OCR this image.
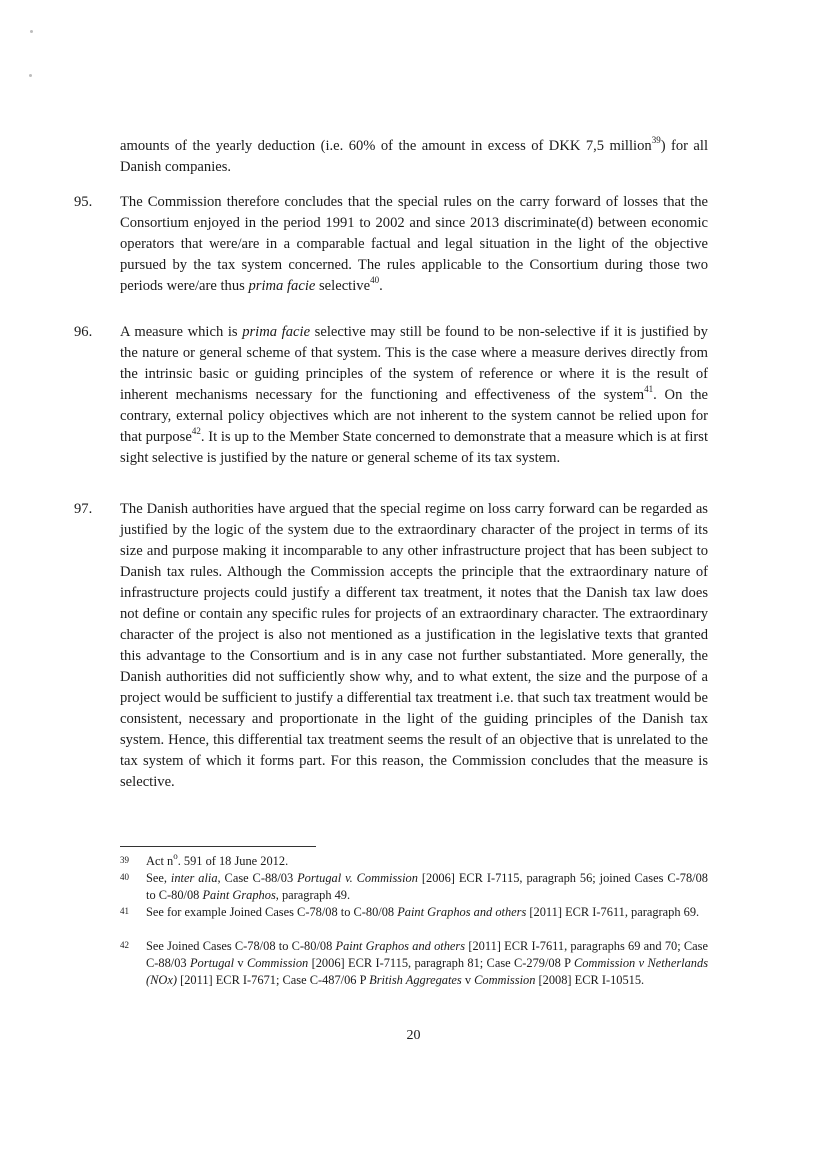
amounts of the yearly deduction (i.e. 60% of the amount in excess of DKK 7,5 million$^{39}$) for all Danish companies.

95. The Commission therefore concludes that the special rules on the carry forward of losses that the Consortium enjoyed in the period 1991 to 2002 and since 2013 discriminate(d) between economic operators that were/are in a comparable factual and legal situation in the light of the objective pursued by the tax system concerned. The rules applicable to the Consortium during those two periods were/are thus prima facie selective$^{40}$.
96. A measure which is prima facie selective may still be found to be non-selective if it is justified by the nature or general scheme of that system. This is the case where a measure derives directly from the intrinsic basic or guiding principles of the system of reference or where it is the result of inherent mechanisms necessary for the functioning and effectiveness of the system$^{41}$. On the contrary, external policy objectives which are not inherent to the system cannot be relied upon for that purpose$^{42}$. It is up to the Member State concerned to demonstrate that a measure which is at first sight selective is justified by the nature or general scheme of its tax system.
97. The Danish authorities have argued that the special regime on loss carry forward can be regarded as justified by the logic of the system due to the extraordinary character of the project in terms of its size and purpose making it incomparable to any other infrastructure project that has been subject to Danish tax rules. Although the Commission accepts the principle that the extraordinary nature of infrastructure projects could justify a different tax treatment, it notes that the Danish tax law does not define or contain any specific rules for projects of an extraordinary character. The extraordinary character of the project is also not mentioned as a justification in the legislative texts that granted this advantage to the Consortium and is in any case not further substantiated. More generally, the Danish authorities did not sufficiently show why, and to what extent, the size and the purpose of a project would be sufficient to justify a differential tax treatment i.e. that such tax treatment would be consistent, necessary and proportionate in the light of the guiding principles of the Danish tax system. Hence, this differential tax treatment seems the result of an objective that is unrelated to the tax system of which it forms part. For this reason, the Commission concludes that the measure is selective.
39 Act $n^o$. 591 of 18 June 2012.
40 See, inter alia, Case C-88/03 Portugal v. Commission [2006] ECR I-7115, paragraph 56; joined Cases C-78/08 to C-80/08 Paint Graphos, paragraph 49.
41 See for example Joined Cases C-78/08 to C-80/08 Paint Graphos and others [2011] ECR I-7611, paragraph 69.
42 See Joined Cases C-78/08 to C-80/08 Paint Graphos and others [2011] ECR I-7611, paragraphs 69 and 70; Case C-88/03 Portugal v Commission [2006] ECR I-7115, paragraph 81; Case C-279/08 P Commission v Netherlands (NOx) [2011] ECR I-7671; Case C-487/06 P British Aggregates v Commission [2008] ECR I-10515.
20
